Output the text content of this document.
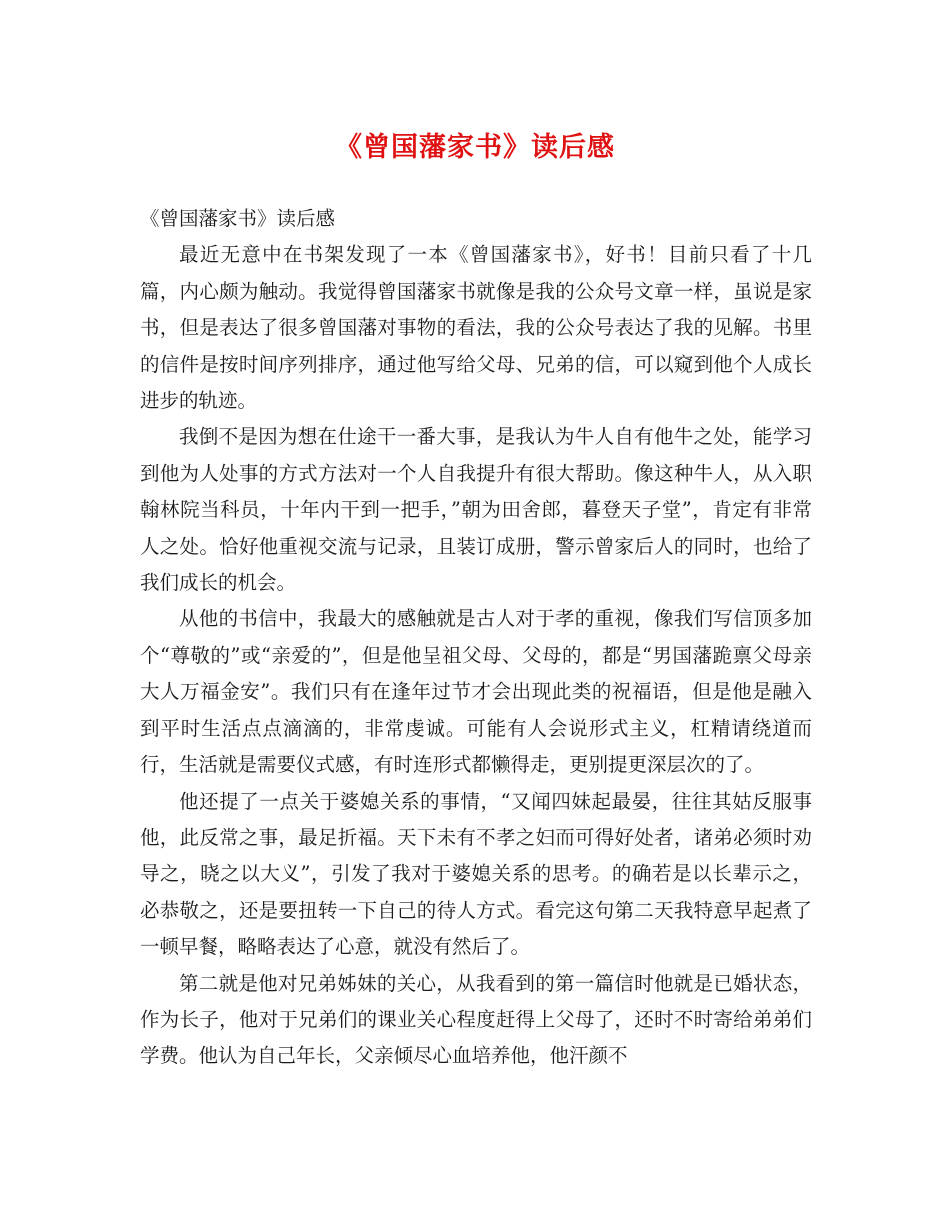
《曾国藩家书》读后感

《曾国藩家书》读后感

最近无意中在书架发现了一本《曾国藩家书》，好书！目前只看了十几篇，内心颇为触动。我觉得曾国藩家书就像是我的公众号文章一样，虽说是家书，但是表达了很多曾国藩对事物的看法，我的公众号表达了我的见解。书里的信件是按时间序列排序，通过他写给父母、兄弟的信，可以窥到他个人成长进步的轨迹。

我倒不是因为想在仕途干一番大事，是我认为牛人自有他牛之处，能学习到他为人处事的方式方法对一个人自我提升有很大帮助。像这种牛人，从入职翰林院当科员，十年内干到一把手，”朝为田舍郎，暮登天子堂”，肯定有非常人之处。恰好他重视交流与记录，且装订成册，警示曾家后人的同时，也给了我们成长的机会。

从他的书信中，我最大的感触就是古人对于孝的重视，像我们写信顶多加个“尊敬的”或“亲爱的”，但是他呈祖父母、父母的，都是“男国藩跪禀父母亲大人万福金安”。我们只有在逢年过节才会出现此类的祝福语，但是他是融入到平时生活点点滴滴的，非常虔诚。可能有人会说形式主义，杠精请绕道而行，生活就是需要仪式感，有时连形式都懒得走，更别提更深层次的了。

他还提了一点关于婆媳关系的事情，“又闻四妹起最晏，往往其姑反服事他，此反常之事，最足折福。天下未有不孝之妇而可得好处者，诸弟必须时劝导之，晓之以大义”，引发了我对于婆媳关系的思考。的确若是以长辈示之，必恭敬之，还是要扭转一下自己的待人方式。看完这句第二天我特意早起煮了一顿早餐，略略表达了心意，就没有然后了。

第二就是他对兄弟姊妹的关心，从我看到的第一篇信时他就是已婚状态，作为长子，他对于兄弟们的课业关心程度赶得上父母了，还时不时寄给弟弟们学费。他认为自己年长，父亲倾尽心血培养他，他汗颜不
